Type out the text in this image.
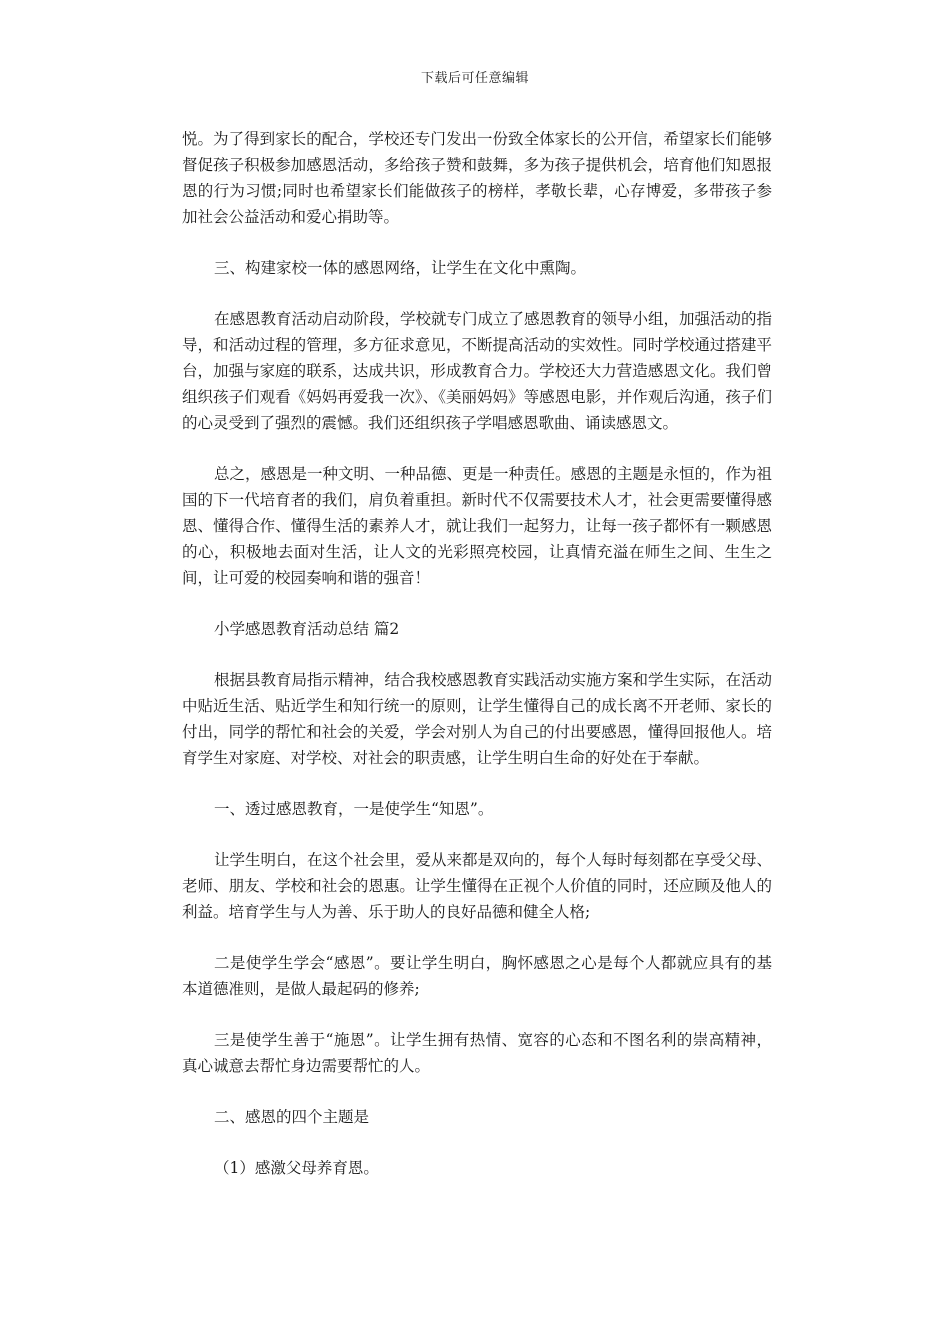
下载后可任意编辑

悦。为了得到家长的配合，学校还专门发出一份致全体家长的公开信，希望家长们能够督促孩子积极参加感恩活动，多给孩子赞和鼓舞，多为孩子提供机会，培育他们知恩报恩的行为习惯;同时也希望家长们能做孩子的榜样，孝敬长辈，心存博爱，多带孩子参加社会公益活动和爱心捐助等。

三、构建家校一体的感恩网络，让学生在文化中熏陶。

在感恩教育活动启动阶段，学校就专门成立了感恩教育的领导小组，加强活动的指导，和活动过程的管理，多方征求意见，不断提高活动的实效性。同时学校通过搭建平台，加强与家庭的联系，达成共识，形成教育合力。学校还大力营造感恩文化。我们曾组织孩子们观看《妈妈再爱我一次》、《美丽妈妈》等感恩电影，并作观后沟通，孩子们的心灵受到了强烈的震憾。我们还组织孩子学唱感恩歌曲、诵读感恩文。

总之，感恩是一种文明、一种品德、更是一种责任。感恩的主题是永恒的，作为祖国的下一代培育者的我们，肩负着重担。新时代不仅需要技术人才，社会更需要懂得感恩、懂得合作、懂得生活的素养人才，就让我们一起努力，让每一孩子都怀有一颗感恩的心，积极地去面对生活，让人文的光彩照亮校园，让真情充溢在师生之间、生生之间，让可爱的校园奏响和谐的强音！

小学感恩教育活动总结 篇2

根据县教育局指示精神，结合我校感恩教育实践活动实施方案和学生实际，在活动中贴近生活、贴近学生和知行统一的原则，让学生懂得自己的成长离不开老师、家长的付出，同学的帮忙和社会的关爱，学会对别人为自己的付出要感恩，懂得回报他人。培育学生对家庭、对学校、对社会的职责感，让学生明白生命的好处在于奉献。

一、透过感恩教育，一是使学生“知恩”。

让学生明白，在这个社会里，爱从来都是双向的，每个人每时每刻都在享受父母、老师、朋友、学校和社会的恩惠。让学生懂得在正视个人价值的同时，还应顾及他人的利益。培育学生与人为善、乐于助人的良好品德和健全人格;

二是使学生学会“感恩”。要让学生明白，胸怀感恩之心是每个人都就应具有的基本道德准则，是做人最起码的修养;

三是使学生善于“施恩”。让学生拥有热情、宽容的心态和不图名利的崇高精神，真心诚意去帮忙身边需要帮忙的人。

二、感恩的四个主题是

（1）感激父母养育恩。
